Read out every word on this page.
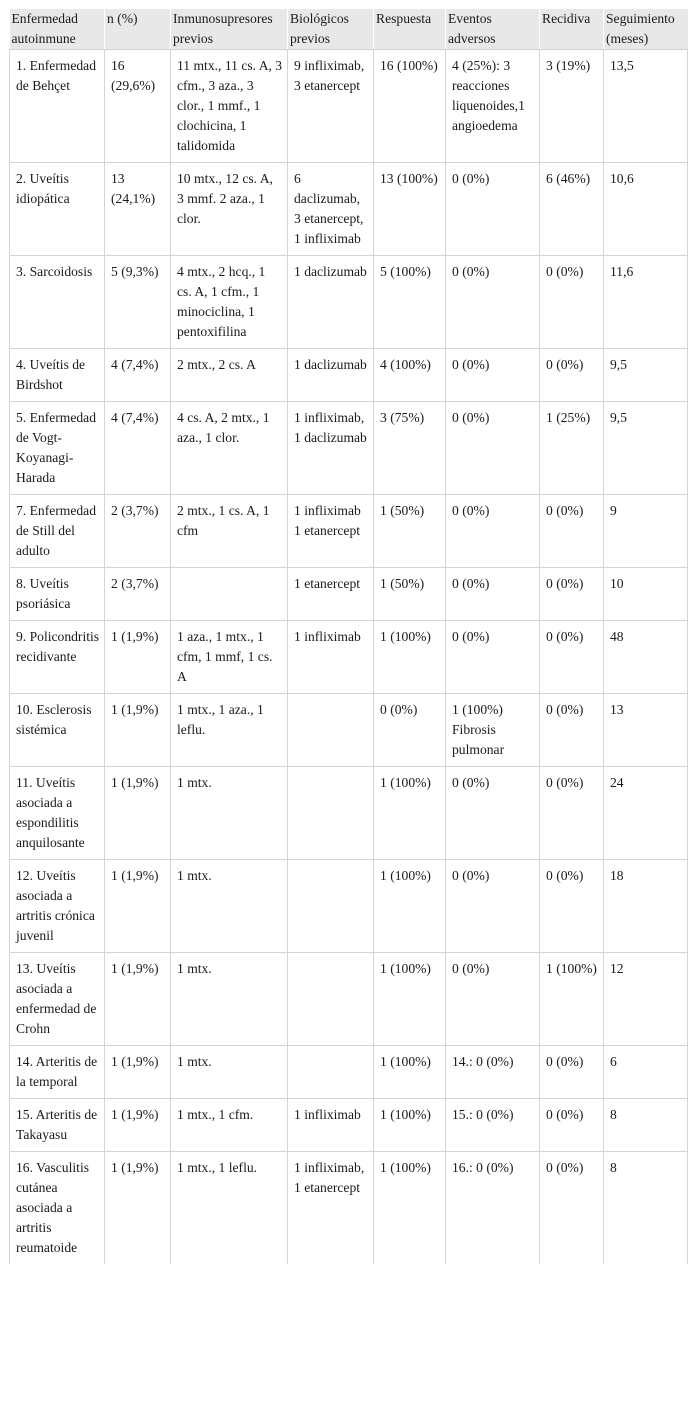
Enfermedad autoinmune	n (%)	Inmunosupresores previos	Biológicos previos	Respuesta	Eventos adversos	Recidiva	Seguimiento (meses)
1. Enfermedad de Behçet	16 (29,6%)	11 mtx., 11 cs. A, 3 cfm., 3 aza., 3 clor., 1 mmf., 1 clochicina, 1 talidomida	9 infliximab, 3 etanercept	16 (100%)	4 (25%): 3 reacciones liquenoides,1 angioedema	3 (19%)	13,5
2. Uveítis idiopática	13 (24,1%)	10 mtx., 12 cs. A, 3 mmf. 2 aza., 1 clor.	6 daclizumab, 3 etanercept, 1 infliximab	13 (100%)	0 (0%)	6 (46%)	10,6
3. Sarcoidosis	5 (9,3%)	4 mtx., 2 hcq., 1 cs. A, 1 cfm., 1 minociclina, 1 pentoxifilina	1 daclizumab	5 (100%)	0 (0%)	0 (0%)	11,6
4. Uveítis de Birdshot	4 (7,4%)	2 mtx., 2 cs. A	1 daclizumab	4 (100%)	0 (0%)	0 (0%)	9,5
5. Enfermedad de Vogt-Koyanagi-Harada	4 (7,4%)	4 cs. A, 2 mtx., 1 aza., 1 clor.	1 infliximab, 1 daclizumab	3 (75%)	0 (0%)	1 (25%)	9,5
7. Enfermedad de Still del adulto	2 (3,7%)	2 mtx., 1 cs. A, 1 cfm	1 infliximab 1 etanercept	1 (50%)	0 (0%)	0 (0%)	9
8. Uveítis psoriásica	2 (3,7%)		1 etanercept	1 (50%)	0 (0%)	0 (0%)	10
9. Policondritis recidivante	1 (1,9%)	1 aza., 1 mtx., 1 cfm, 1 mmf, 1 cs. A	1 infliximab	1 (100%)	0 (0%)	0 (0%)	48
10. Esclerosis sistémica	1 (1,9%)	1 mtx., 1 aza., 1 leflu.		0 (0%)	1 (100%) Fibrosis pulmonar	0 (0%)	13
11. Uveítis asociada a espondilitis anquilosante	1 (1,9%)	1 mtx.		1 (100%)	0 (0%)	0 (0%)	24
12. Uveítis asociada a artritis crónica juvenil	1 (1,9%)	1 mtx.		1 (100%)	0 (0%)	0 (0%)	18
13. Uveítis asociada a enfermedad de Crohn	1 (1,9%)	1 mtx.		1 (100%)	0 (0%)	1 (100%)	12
14. Arteritis de la temporal	1 (1,9%)	1 mtx.		1 (100%)	14.: 0 (0%)	0 (0%)	6
15. Arteritis de Takayasu	1 (1,9%)	1 mtx., 1 cfm.	1 infliximab	1 (100%)	15.: 0 (0%)	0 (0%)	8
16. Vasculitis cutánea asociada a artritis reumatoide	1 (1,9%)	1 mtx., 1 leflu.	1 infliximab, 1 etanercept	1 (100%)	16.: 0 (0%)	0 (0%)	8
